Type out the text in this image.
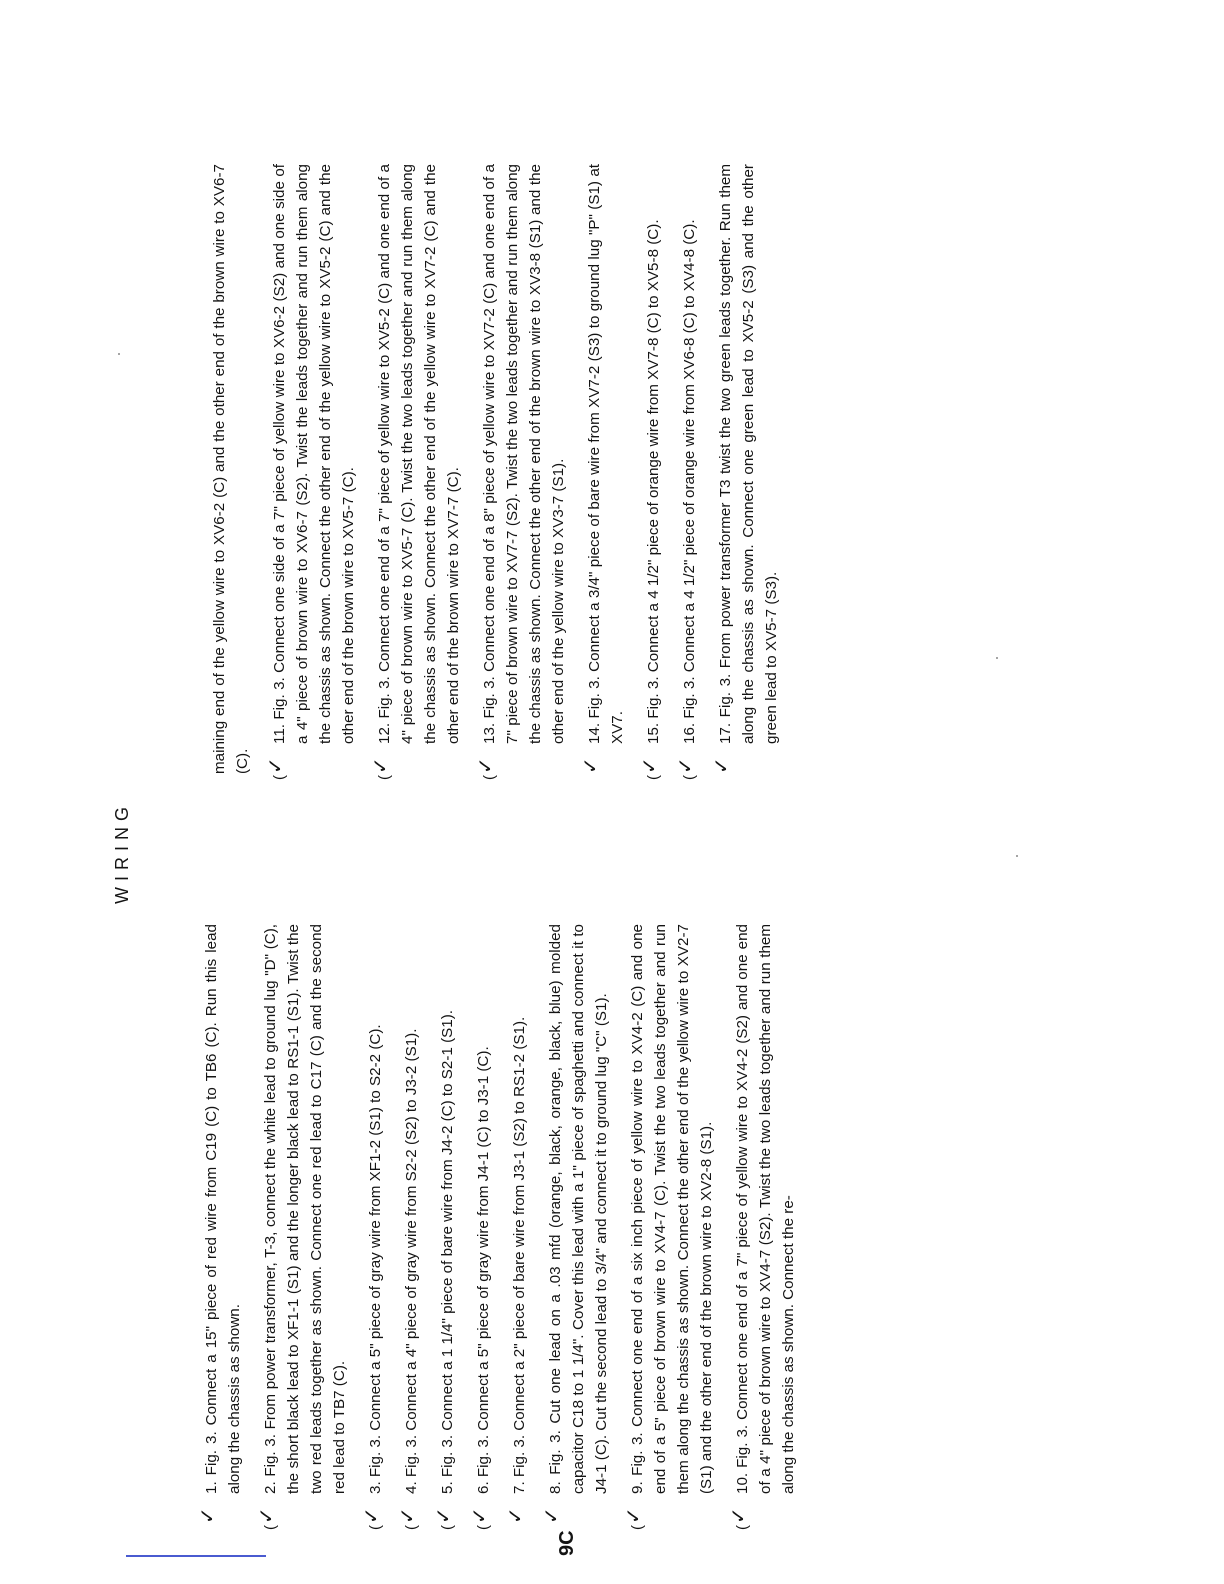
WIRING
✓
1. Fig. 3. Connect a 15" piece of red wire from C19 (C) to TB6 (C). Run this lead along the chassis as shown.
(
✓
2. Fig. 3. From power transformer, T-3, connect the white lead to ground lug "D" (C), the short black lead to XF1-1 (S1) and the longer black lead to RS1-1 (S1). Twist the two red leads together as shown. Connect one red lead to C17 (C) and the second red lead to TB7 (C).
(
✓
3. Fig. 3. Connect a 5" piece of gray wire from XF1-2 (S1) to S2-2 (C).
(
✓
4. Fig. 3. Connect a 4" piece of gray wire from S2-2 (S2) to J3-2 (S1).
(
✓
5. Fig. 3. Connect a 1 1/4" piece of bare wire from J4-2 (C) to S2-1 (S1).
(
✓
6. Fig. 3. Connect a 5" piece of gray wire from J4-1 (C) to J3-1 (C).
✓
7. Fig. 3. Connect a 2" piece of bare wire from J3-1 (S2) to RS1-2 (S1).
✓
8. Fig. 3. Cut one lead on a .03 mfd (orange, black, orange, black, blue) molded capacitor C18 to 1 1/4". Cover this lead with a 1" piece of spaghetti and connect it to J4-1 (C). Cut the second lead to 3/4" and connect it to ground lug "C" (S1).
(
✓
9. Fig. 3. Connect one end of a six inch piece of yellow wire to XV4-2 (C) and one end of a 5" piece of brown wire to XV4-7 (C). Twist the two leads together and run them along the chassis as shown. Connect the other end of the yellow wire to XV2-7 (S1) and the other end of the brown wire to XV2-8 (S1).
(
✓
10. Fig. 3. Connect one end of a 7" piece of yellow wire to XV4-2 (S2) and one end of a 4" piece of brown wire to XV4-7 (S2). Twist the two leads together and run them along the chassis as shown. Connect the re-
maining end of the yellow wire to XV6-2 (C) and the other end of the brown wire to XV6-7 (C).
(
✓
11. Fig. 3. Connect one side of a 7" piece of yellow wire to XV6-2 (S2) and one side of a 4" piece of brown wire to XV6-7 (S2). Twist the leads together and run them along the chassis as shown. Connect the other end of the yellow wire to XV5-2 (C) and the other end of the brown wire to XV5-7 (C).
(
✓
12. Fig. 3. Connect one end of a 7" piece of yellow wire to XV5-2 (C) and one end of a 4" piece of brown wire to XV5-7 (C). Twist the two leads together and run them along the chassis as shown. Connect the other end of the yellow wire to XV7-2 (C) and the other end of the brown wire to XV7-7 (C).
(
✓
13. Fig. 3. Connect one end of a 8" piece of yellow wire to XV7-2 (C) and one end of a 7" piece of brown wire to XV7-7 (S2). Twist the two leads together and run them along the chassis as shown. Connect the other end of the brown wire to XV3-8 (S1) and the other end of the yellow wire to XV3-7 (S1).
✓
14. Fig. 3. Connect a 3/4" piece of bare wire from XV7-2 (S3) to ground lug "P" (S1) at XV7.
(
✓
15. Fig. 3. Connect a 4 1/2" piece of orange wire from XV7-8 (C) to XV5-8 (C).
(
✓
16. Fig. 3. Connect a 4 1/2" piece of orange wire from XV6-8 (C) to XV4-8 (C).
✓
17. Fig. 3. From power transformer T3 twist the two green leads together. Run them along the chassis as shown. Connect one green lead to XV5-2 (S3) and the other green lead to XV5-7 (S3).
9C
